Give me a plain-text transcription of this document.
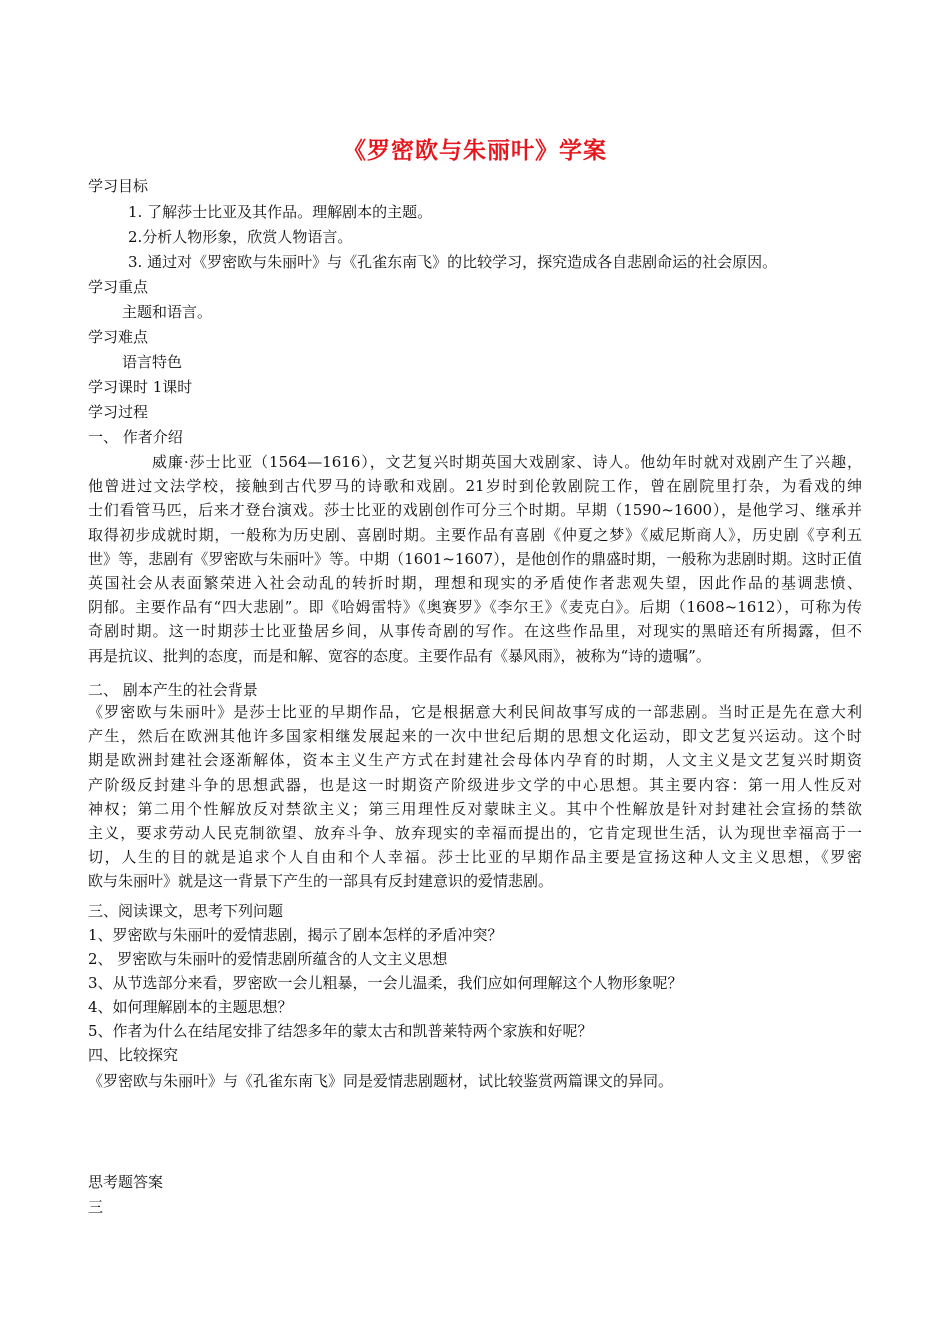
《罗密欧与朱丽叶》学案
学习目标
1. 了解莎士比亚及其作品。理解剧本的主题。
2.分析人物形象，欣赏人物语言。
3. 通过对《罗密欧与朱丽叶》与《孔雀东南飞》的比较学习，探究造成各自悲剧命运的社会原因。
学习重点
主题和语言。
学习难点
语言特色
学习课时 1课时
学习过程
一、 作者介绍
威廉·莎士比亚（1564—1616），文艺复兴时期英国大戏剧家、诗人。他幼年时就对戏剧产生了兴趣，
他曾进过文法学校，接触到古代罗马的诗歌和戏剧。21岁时到伦敦剧院工作，曾在剧院里打杂，为看戏的绅
士们看管马匹，后来才登台演戏。莎士比亚的戏剧创作可分三个时期。早期（1590~1600），是他学习、继承并
取得初步成就时期，一般称为历史剧、喜剧时期。主要作品有喜剧《仲夏之梦》《威尼斯商人》，历史剧《亨利五
世》等，悲剧有《罗密欧与朱丽叶》等。中期（1601~1607），是他创作的鼎盛时期，一般称为悲剧时期。这时正值
英国社会从表面繁荣进入社会动乱的转折时期，理想和现实的矛盾使作者悲观失望，因此作品的基调悲愤、
阴郁。主要作品有“四大悲剧”。即《哈姆雷特》《奥赛罗》《李尔王》《麦克白》。后期（1608~1612），可称为传
奇剧时期。这一时期莎士比亚蛰居乡间，从事传奇剧的写作。在这些作品里，对现实的黑暗还有所揭露，但不
再是抗议、批判的态度，而是和解、宽容的态度。主要作品有《暴风雨》，被称为“诗的遗嘱”。
二、 剧本产生的社会背景
《罗密欧与朱丽叶》是莎士比亚的早期作品，它是根据意大利民间故事写成的一部悲剧。当时正是先在意大利
产生，然后在欧洲其他许多国家相继发展起来的一次中世纪后期的思想文化运动，即文艺复兴运动。这个时
期是欧洲封建社会逐渐解体，资本主义生产方式在封建社会母体内孕育的时期，人文主义是文艺复兴时期资
产阶级反封建斗争的思想武器，也是这一时期资产阶级进步文学的中心思想。其主要内容：第一用人性反对
神权；第二用个性解放反对禁欲主义；第三用理性反对蒙昧主义。其中个性解放是针对封建社会宣扬的禁欲
主义，要求劳动人民克制欲望、放弃斗争、放弃现实的幸福而提出的，它肯定现世生活，认为现世幸福高于一
切，人生的目的就是追求个人自由和个人幸福。莎士比亚的早期作品主要是宣扬这种人文主义思想，《罗密
欧与朱丽叶》就是这一背景下产生的一部具有反封建意识的爱情悲剧。
三、阅读课文，思考下列问题
1、罗密欧与朱丽叶的爱情悲剧，揭示了剧本怎样的矛盾冲突？
2、 罗密欧与朱丽叶的爱情悲剧所蕴含的人文主义思想
3、从节选部分来看，罗密欧一会儿粗暴，一会儿温柔，我们应如何理解这个人物形象呢？
4、如何理解剧本的主题思想？
5、作者为什么在结尾安排了结怨多年的蒙太古和凯普莱特两个家族和好呢？
四、比较探究
《罗密欧与朱丽叶》与《孔雀东南飞》同是爱情悲剧题材，试比较鉴赏两篇课文的异同。
思考题答案
三
